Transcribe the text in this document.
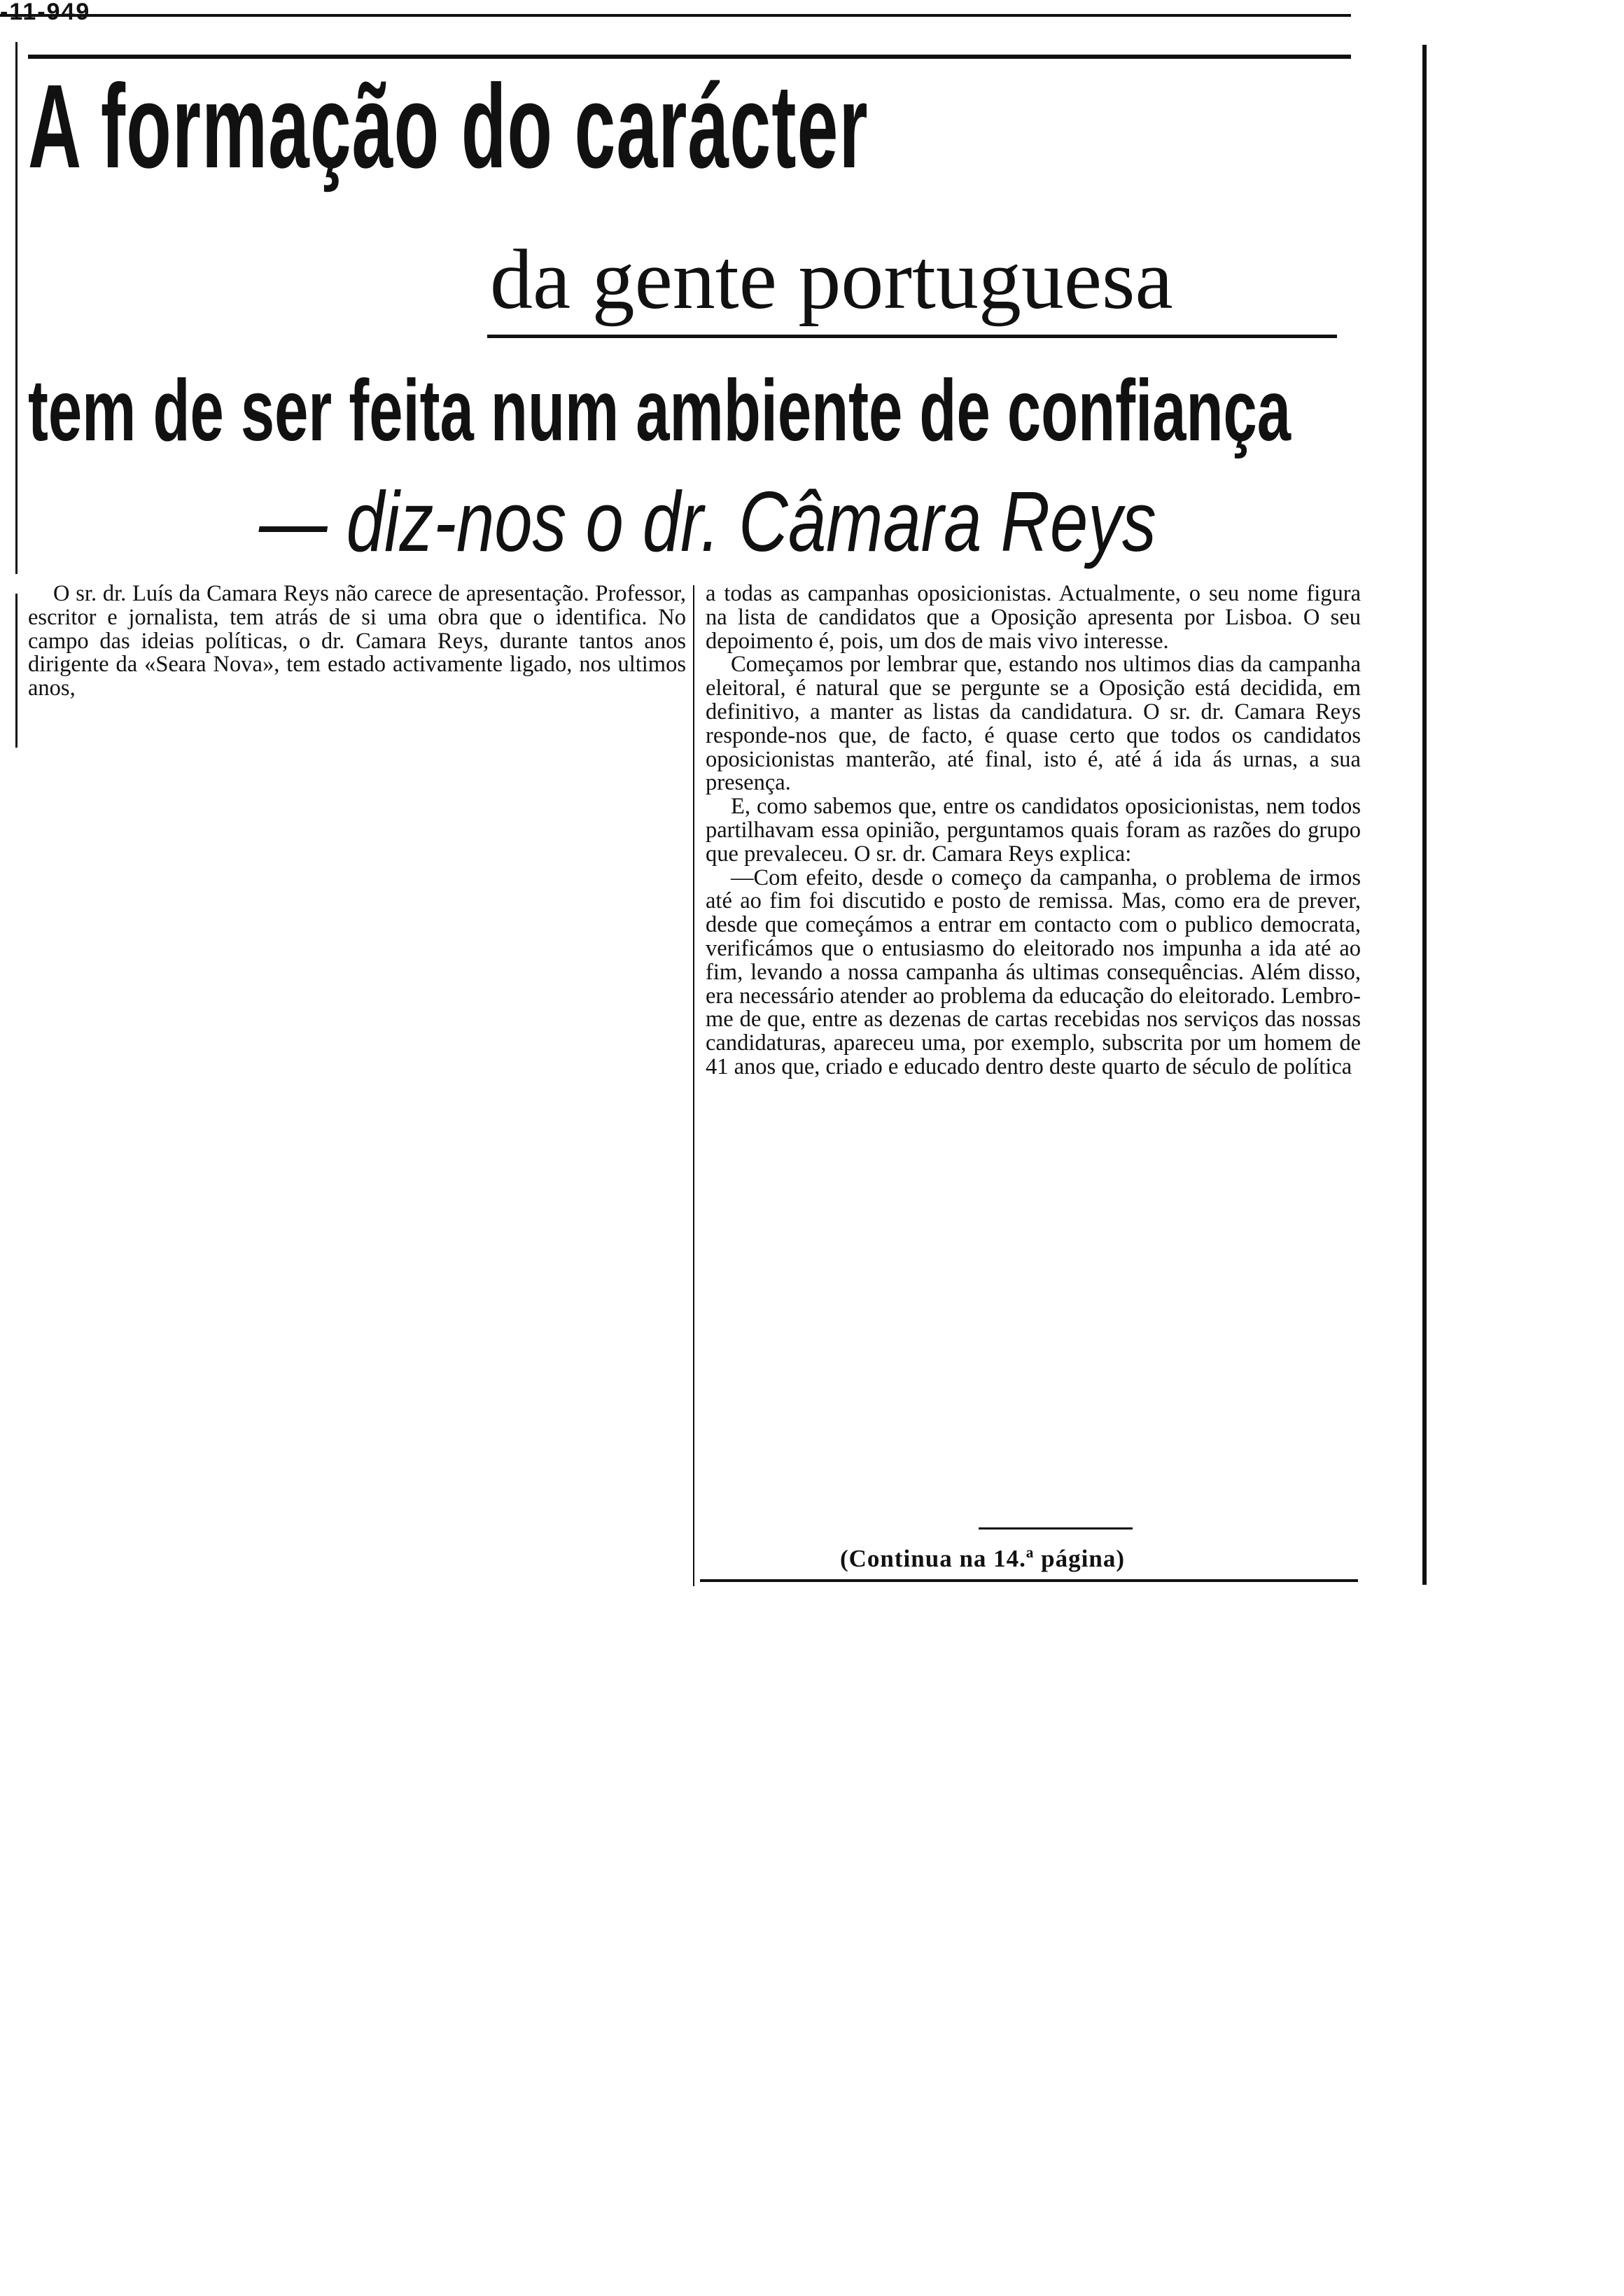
-11-949
A formação do carácter
da gente portuguesa
tem de ser feita num ambiente de confiança
— diz-nos o dr. Câmara Reys

O sr. dr. Luís da Camara Reys não carece de apresentação. Professor, escritor e jornalista, tem atrás de si uma obra que o identifica. No campo das ideias políticas, o dr. Camara Reys, durante tantos anos dirigente da «Seara Nova», tem estado activamente ligado, nos ultimos anos,

a todas as campanhas oposicionistas. Actualmente, o seu nome figura na lista de candidatos que a Oposição apresenta por Lisboa. O seu depoimento é, pois, um dos de mais vivo interesse.

Começamos por lembrar que, estando nos ultimos dias da campanha eleitoral, é natural que se pergunte se a Oposição está decidida, em definitivo, a manter as listas da candidatura. O sr. dr. Camara Reys responde-nos que, de facto, é quase certo que todos os candidatos oposicionistas manterão, até final, isto é, até á ida ás urnas, a sua presença.

E, como sabemos que, entre os candidatos oposicionistas, nem todos partilhavam essa opinião, perguntamos quais foram as razões do grupo que prevaleceu. O sr. dr. Camara Reys explica:

—Com efeito, desde o começo da campanha, o problema de irmos até ao fim foi discutido e posto de remissa. Mas, como era de prever, desde que começámos a entrar em contacto com o publico democrata, verificámos que o entusiasmo do eleitorado nos impunha a ida até ao fim, levando a nossa campanha ás ultimas consequências. Além disso, era necessário atender ao problema da educação do eleitorado. Lembro-me de que, entre as dezenas de cartas recebidas nos serviços das nossas candidaturas, apareceu uma, por exemplo, subscrita por um homem de 41 anos que, criado e educado dentro deste quarto de século de política

(Continua na 14.ª página)
